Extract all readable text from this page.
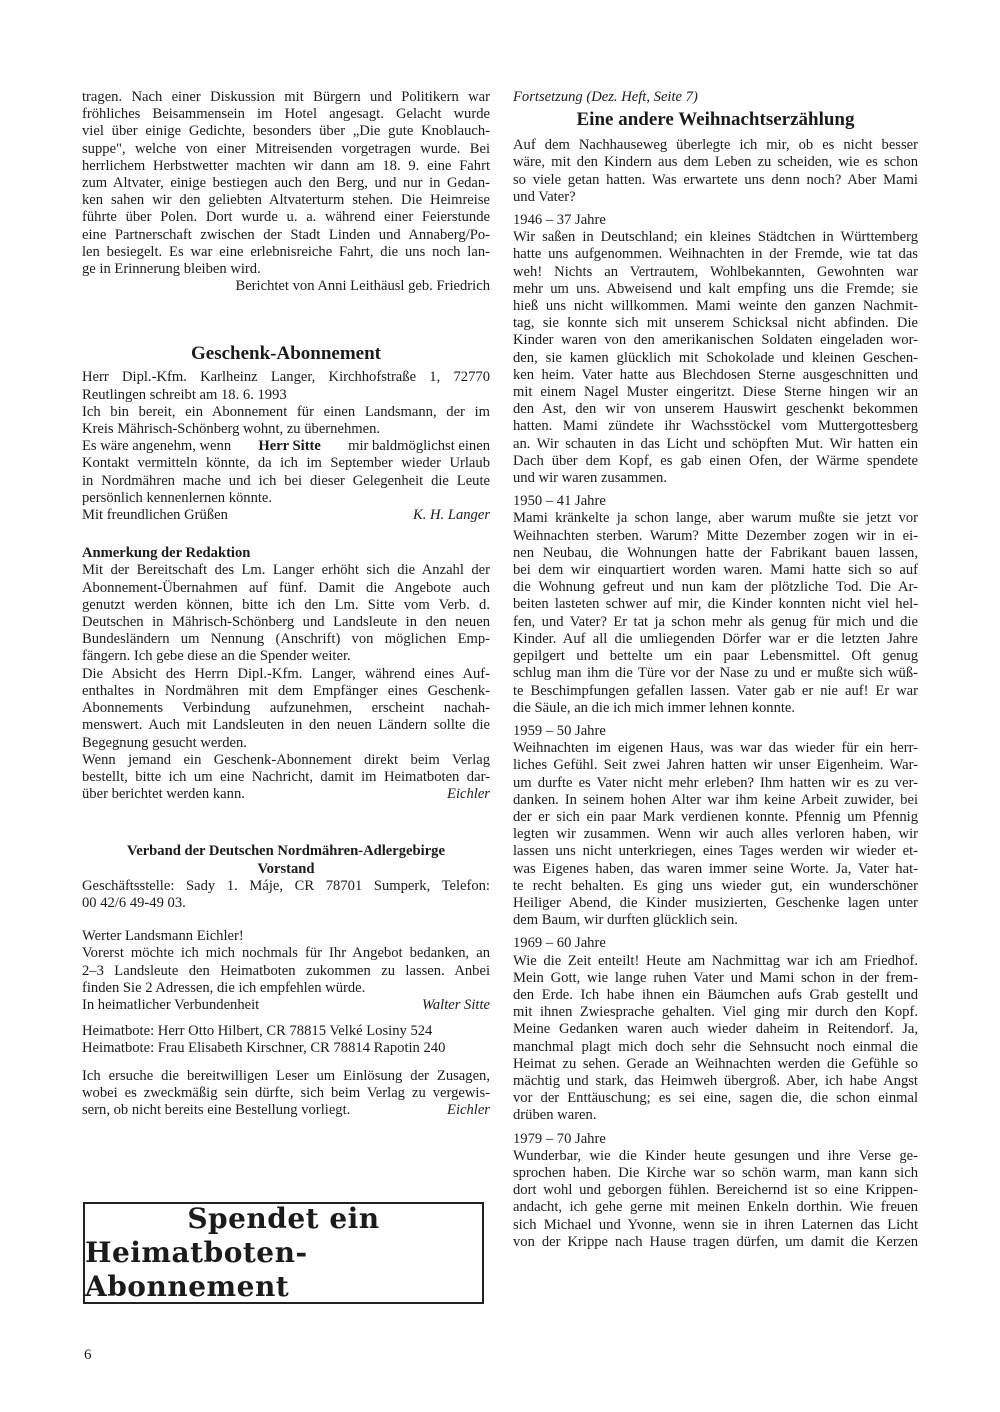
tragen. Nach einer Diskussion mit Bürgern und Politikern war
fröhliches Beisammensein im Hotel angesagt. Gelacht wurde
viel über einige Gedichte, besonders über „Die gute Knoblauch-
suppe", welche von einer Mitreisenden vorgetragen wurde. Bei
herrlichem Herbstwetter machten wir dann am 18. 9. eine Fahrt
zum Altvater, einige bestiegen auch den Berg, und nur in Gedan-
ken sahen wir den geliebten Altvaterturm stehen. Die Heimreise
führte über Polen. Dort wurde u. a. während einer Feierstunde
eine Partnerschaft zwischen der Stadt Linden und Annaberg/Po-
len besiegelt. Es war eine erlebnisreiche Fahrt, die uns noch lan-
ge in Erinnerung bleiben wird.
Berichtet von Anni Leithäusl geb. Friedrich
Geschenk-Abonnement
Herr Dipl.-Kfm. Karlheinz Langer, Kirchhofstraße 1, 72770
Reutlingen schreibt am 18. 6. 1993
Ich bin bereit, ein Abonnement für einen Landsmann, der im
Kreis Mährisch-Schönberg wohnt, zu übernehmen.
Es wäre angenehm, wenn Herr Sitte mir baldmöglichst einen
Kontakt vermitteln könnte, da ich im September wieder Urlaub
in Nordmähren mache und ich bei dieser Gelegenheit die Leute
persönlich kennenlernen könnte.
Mit freundlichen Grüßen	K. H. Langer
Anmerkung der Redaktion
Mit der Bereitschaft des Lm. Langer erhöht sich die Anzahl der
Abonnement-Übernahmen auf fünf. Damit die Angebote auch
genutzt werden können, bitte ich den Lm. Sitte vom Verb. d.
Deutschen in Mährisch-Schönberg und Landsleute in den neuen
Bundesländern um Nennung (Anschrift) von möglichen Emp-
fängern. Ich gebe diese an die Spender weiter.
Die Absicht des Herrn Dipl.-Kfm. Langer, während eines Auf-
enthaltes in Nordmähren mit dem Empfänger eines Geschenk-
Abonnements Verbindung aufzunehmen, erscheint nachah-
menswert. Auch mit Landsleuten in den neuen Ländern sollte die
Begegnung gesucht werden.
Wenn jemand ein Geschenk-Abonnement direkt beim Verlag
bestellt, bitte ich um eine Nachricht, damit im Heimatboten dar-
über berichtet werden kann.	Eichler
Verband der Deutschen Nordmähren-Adlergebirge
Vorstand
Geschäftsstelle: Sady 1. Máje, CR 78701 Sumperk, Telefon:
00 42/6 49-49 03.
Werter Landsmann Eichler!
Vorerst möchte ich mich nochmals für Ihr Angebot bedanken, an
2–3 Landsleute den Heimatboten zukommen zu lassen. Anbei
finden Sie 2 Adressen, die ich empfehlen würde.
In heimatlicher Verbundenheit	Walter Sitte
Heimatbote: Herr Otto Hilbert, CR 78815 Velké Losiny 524
Heimatbote: Frau Elisabeth Kirschner, CR 78814 Rapotin 240
Ich ersuche die bereitwilligen Leser um Einlösung der Zusagen,
wobei es zweckmäßig sein dürfte, sich beim Verlag zu vergewis-
sern, ob nicht bereits eine Bestellung vorliegt.	Eichler
Spendet ein
Heimatboten-Abonnement
Fortsetzung (Dez. Heft, Seite 7)
Eine andere Weihnachtserzählung
Auf dem Nachhauseweg überlegte ich mir, ob es nicht besser
wäre, mit den Kindern aus dem Leben zu scheiden, wie es schon
so viele getan hatten. Was erwartete uns denn noch? Aber Mami
und Vater?
1946 – 37 Jahre
Wir saßen in Deutschland; ein kleines Städtchen in Württemberg
hatte uns aufgenommen. Weihnachten in der Fremde, wie tat das
weh! Nichts an Vertrautem, Wohlbekannten, Gewohnten war
mehr um uns. Abweisend und kalt empfing uns die Fremde; sie
hieß uns nicht willkommen. Mami weinte den ganzen Nachmit-
tag, sie konnte sich mit unserem Schicksal nicht abfinden. Die
Kinder waren von den amerikanischen Soldaten eingeladen wor-
den, sie kamen glücklich mit Schokolade und kleinen Geschen-
ken heim. Vater hatte aus Blechdosen Sterne ausgeschnitten und
mit einem Nagel Muster eingeritzt. Diese Sterne hingen wir an
den Ast, den wir von unserem Hauswirt geschenkt bekommen
hatten. Mami zündete ihr Wachsstöckel vom Muttergottesberg
an. Wir schauten in das Licht und schöpften Mut. Wir hatten ein
Dach über dem Kopf, es gab einen Ofen, der Wärme spendete
und wir waren zusammen.
1950 – 41 Jahre
Mami kränkelte ja schon lange, aber warum mußte sie jetzt vor
Weihnachten sterben. Warum? Mitte Dezember zogen wir in ei-
nen Neubau, die Wohnungen hatte der Fabrikant bauen lassen,
bei dem wir einquartiert worden waren. Mami hatte sich so auf
die Wohnung gefreut und nun kam der plötzliche Tod. Die Ar-
beiten lasteten schwer auf mir, die Kinder konnten nicht viel hel-
fen, und Vater? Er tat ja schon mehr als genug für mich und die
Kinder. Auf all die umliegenden Dörfer war er die letzten Jahre
gepilgert und bettelte um ein paar Lebensmittel. Oft genug
schlug man ihm die Türe vor der Nase zu und er mußte sich wüß-
te Beschimpfungen gefallen lassen. Vater gab er nie auf! Er war
die Säule, an die ich mich immer lehnen konnte.
1959 – 50 Jahre
Weihnachten im eigenen Haus, was war das wieder für ein herr-
liches Gefühl. Seit zwei Jahren hatten wir unser Eigenheim. War-
um durfte es Vater nicht mehr erleben? Ihm hatten wir es zu ver-
danken. In seinem hohen Alter war ihm keine Arbeit zuwider, bei
der er sich ein paar Mark verdienen konnte. Pfennig um Pfennig
legten wir zusammen. Wenn wir auch alles verloren haben, wir
lassen uns nicht unterkriegen, eines Tages werden wir wieder et-
was Eigenes haben, das waren immer seine Worte. Ja, Vater hat-
te recht behalten. Es ging uns wieder gut, ein wunderschöner
Heiliger Abend, die Kinder musizierten, Geschenke lagen unter
dem Baum, wir durften glücklich sein.
1969 – 60 Jahre
Wie die Zeit enteilt! Heute am Nachmittag war ich am Friedhof.
Mein Gott, wie lange ruhen Vater und Mami schon in der frem-
den Erde. Ich habe ihnen ein Bäumchen aufs Grab gestellt und
mit ihnen Zwiesprache gehalten. Viel ging mir durch den Kopf.
Meine Gedanken waren auch wieder daheim in Reitendorf. Ja,
manchmal plagt mich doch sehr die Sehnsucht noch einmal die
Heimat zu sehen. Gerade an Weihnachten werden die Gefühle so
mächtig und stark, das Heimweh übergroß. Aber, ich habe Angst
vor der Enttäuschung; es sei eine, sagen die, die schon einmal
drüben waren.
1979 – 70 Jahre
Wunderbar, wie die Kinder heute gesungen und ihre Verse ge-
sprochen haben. Die Kirche war so schön warm, man kann sich
dort wohl und geborgen fühlen. Bereichernd ist so eine Krippen-
andacht, ich gehe gerne mit meinen Enkeln dorthin. Wie freuen
sich Michael und Yvonne, wenn sie in ihren Laternen das Licht
von der Krippe nach Hause tragen dürfen, um damit die Kerzen
6
